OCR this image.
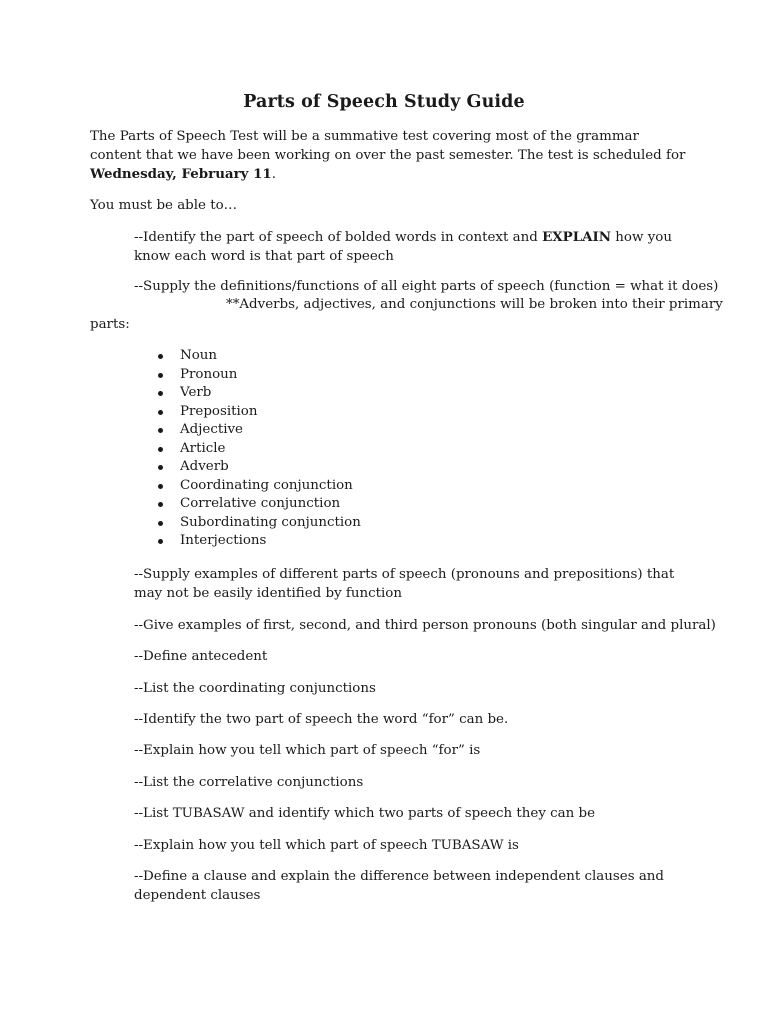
Parts of Speech Study Guide
The Parts of Speech Test will be a summative test covering most of the grammar content that we have been working on over the past semester. The test is scheduled for Wednesday, February 11.
You must be able to…
--Identify the part of speech of bolded words in context and EXPLAIN how you know each word is that part of speech
--Supply the definitions/functions of all eight parts of speech (function = what it does)
**Adverbs, adjectives, and conjunctions will be broken into their primary
parts:
Noun
Pronoun
Verb
Preposition
Adjective
Article
Adverb
Coordinating conjunction
Correlative conjunction
Subordinating conjunction
Interjections
--Supply examples of different parts of speech (pronouns and prepositions) that may not be easily identified by function
--Give examples of first, second, and third person pronouns (both singular and plural)
--Define antecedent
--List the coordinating conjunctions
--Identify the two part of speech the word “for” can be.
--Explain how you tell which part of speech “for” is
--List the correlative conjunctions
--List TUBASAW and identify which two parts of speech they can be
--Explain how you tell which part of speech TUBASAW is
--Define a clause and explain the difference between independent clauses and dependent clauses
